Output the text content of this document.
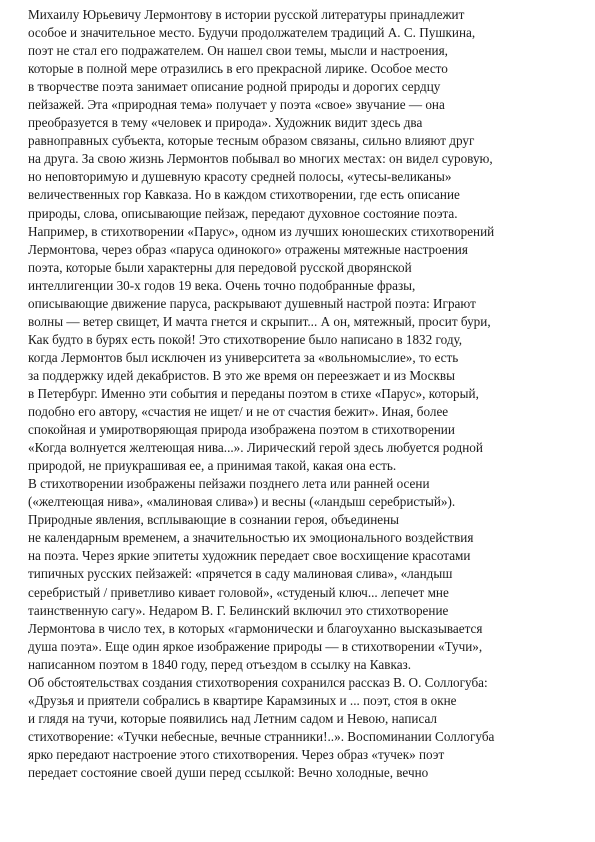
Михаилу Юрьевичу Лермонтову в истории русской литературы принадлежит
особое и значительное место. Будучи продолжателем традиций А. С. Пушкина,
поэт не стал его подражателем. Он нашел свои темы, мысли и настроения,
которые в полной мере отразились в его прекрасной лирике. Особое место
в творчестве поэта занимает описание родной природы и дорогих сердцу
пейзажей. Эта «природная тема» получает у поэта «свое» звучание — она
преобразуется в тему «человек и природа». Художник видит здесь два
равноправных субъекта, которые тесным образом связаны, сильно влияют друг
на друга. За свою жизнь Лермонтов побывал во многих местах: он видел суровую,
но неповторимую и душевную красоту средней полосы, «утесы-великаны»
величественных гор Кавказа. Но в каждом стихотворении, где есть описание
природы, слова, описывающие пейзаж, передают духовное состояние поэта.
Например, в стихотворении «Парус», одном из лучших юношеских стихотворений
Лермонтова, через образ «паруса одинокого» отражены мятежные настроения
поэта, которые были характерны для передовой русской дворянской
интеллигенции 30-х годов 19 века. Очень точно подобранные фразы,
описывающие движение паруса, раскрывают душевный настрой поэта: Играют
волны — ветер свищет, И мачта гнется и скрыпит... А он, мятежный, просит бури,
Как будто в бурях есть покой! Это стихотворение было написано в 1832 году,
когда Лермонтов был исключен из университета за «вольномыслие», то есть
за поддержку идей декабристов. В это же время он переезжает и из Москвы
в Петербург. Именно эти события и переданы поэтом в стихе «Парус», который,
подобно его автору, «счастия не ищет/ и не от счастия бежит». Иная, более
спокойная и умиротворяющая природа изображена поэтом в стихотворении
«Когда волнуется желтеющая нива...». Лирический герой здесь любуется родной
природой, не приукрашивая ее, а принимая такой, какая она есть.
В стихотворении изображены пейзажи позднего лета или ранней осени
(«желтеющая нива», «малиновая слива») и весны («ландыш серебристый»).
Природные явления, всплывающие в сознании героя, объединены
не календарным временем, а значительностью их эмоционального воздействия
на поэта. Через яркие эпитеты художник передает свое восхищение красотами
типичных русских пейзажей: «прячется в саду малиновая слива», «ландыш
серебристый / приветливо кивает головой», «студеный ключ... лепечет мне
таинственную сагу». Недаром В. Г. Белинский включил это стихотворение
Лермонтова в число тех, в которых «гармонически и благоуханно высказывается
душа поэта». Еще один яркое изображение природы — в стихотворении «Тучи»,
написанном поэтом в 1840 году, перед отъездом в ссылку на Кавказ.
Об обстоятельствах создания стихотворения сохранился рассказ В. О. Соллогуба:
«Друзья и приятели собрались в квартире Карамзиных и ... поэт, стоя в окне
и глядя на тучи, которые появились над Летним садом и Невою, написал
стихотворение: «Тучки небесные, вечные странники!..». Воспоминании Соллогуба
ярко передают настроение этого стихотворения. Через образ «тучек» поэт
передает состояние своей души перед ссылкой: Вечно холодные, вечно
